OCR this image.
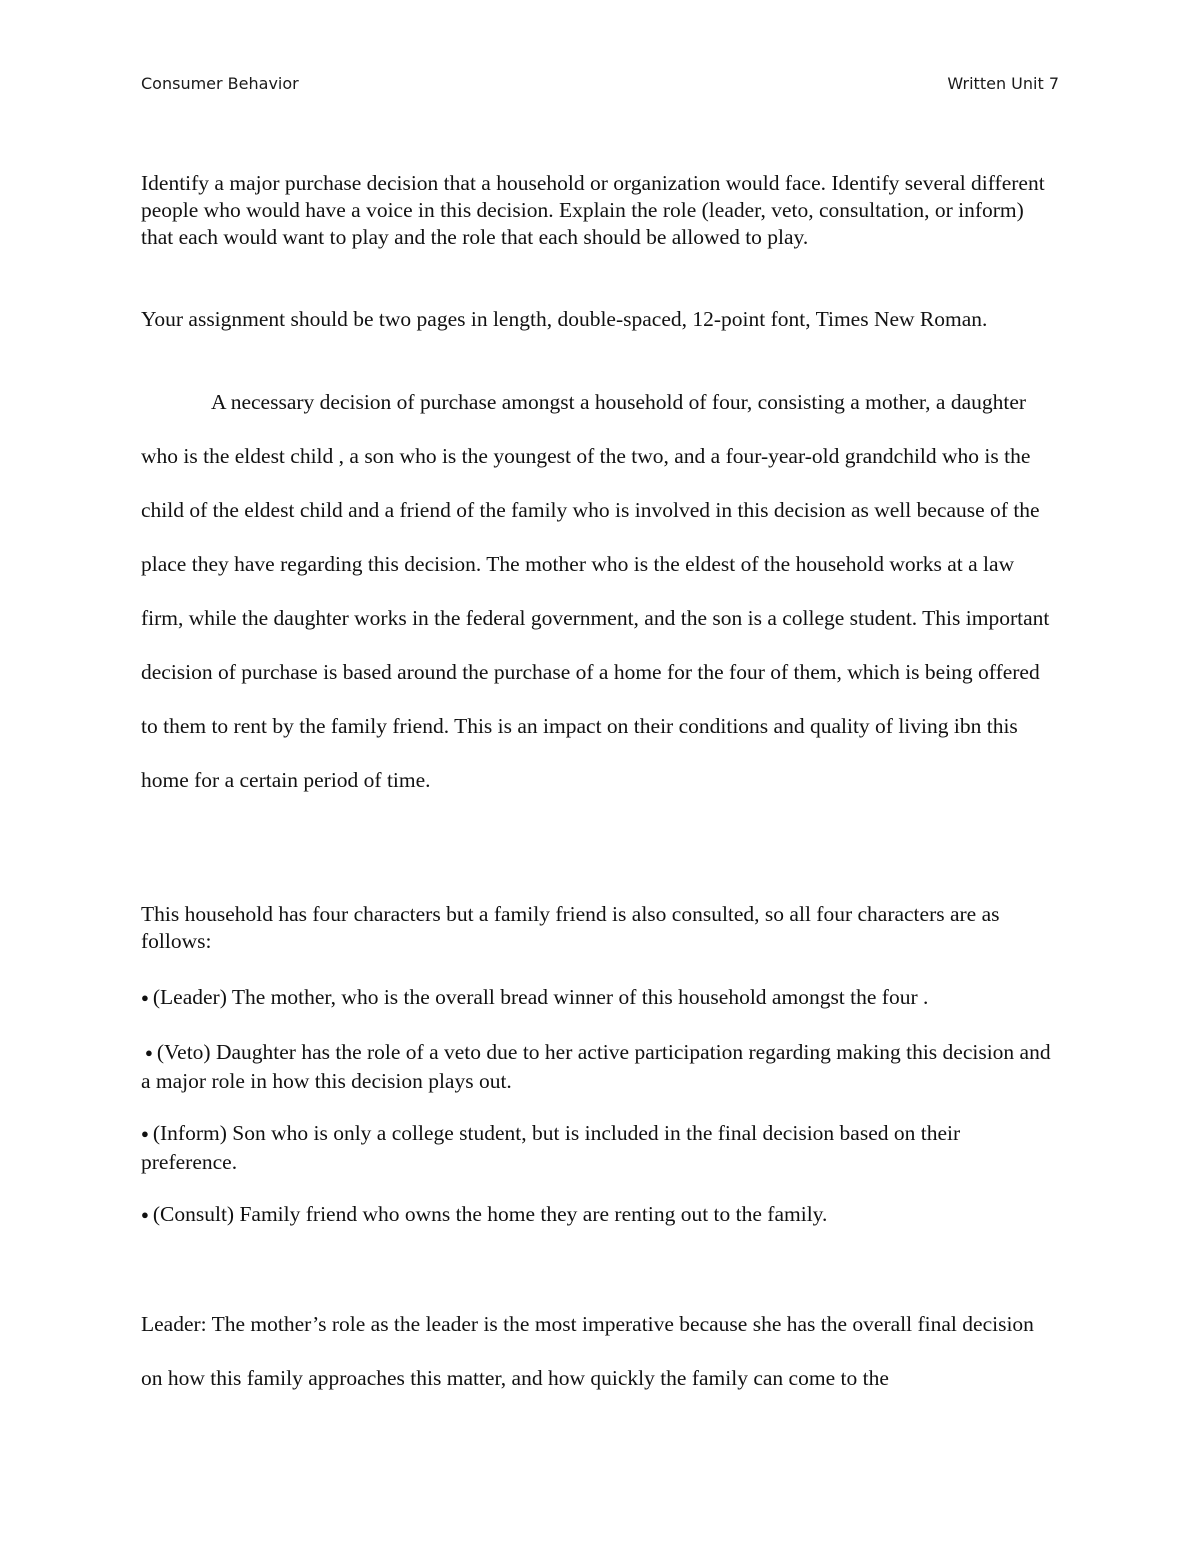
Consumer Behavior	Written Unit 7

Identify a major purchase decision that a household or organization would face. Identify several different people who would have a voice in this decision. Explain the role (leader, veto, consultation, or inform) that each would want to play and the role that each should be allowed to play.

Your assignment should be two pages in length, double-spaced, 12-point font, Times New Roman.

A necessary decision of purchase amongst a household of four, consisting a mother, a daughter who is the eldest child , a son who is the youngest of the two, and a four-year-old grandchild who is the child of the eldest child and a friend of the family who is involved in this decision as well because of the place they have regarding this decision. The mother who is the eldest of the household works at a law firm, while the daughter works in the federal government, and the son is a college student. This important decision of purchase is based around the purchase of a home for the four of them, which is being offered to them to rent by the family friend. This is an impact on their conditions and quality of living ibn this home for a certain period of time.

This household has four characters but a family friend is also consulted, so all four characters are as follows:

● (Leader) The mother, who is the overall bread winner of this household amongst the four .

● (Veto) Daughter has the role of a veto due to her active participation regarding making this decision and a major role in how this decision plays out.

● (Inform) Son who is only a college student, but is included in the final decision based on their preference.

● (Consult) Family friend who owns the home they are renting out to the family.

Leader: The mother’s role as the leader is the most imperative because she has the overall final decision on how this family approaches this matter, and how quickly the family can come to the
